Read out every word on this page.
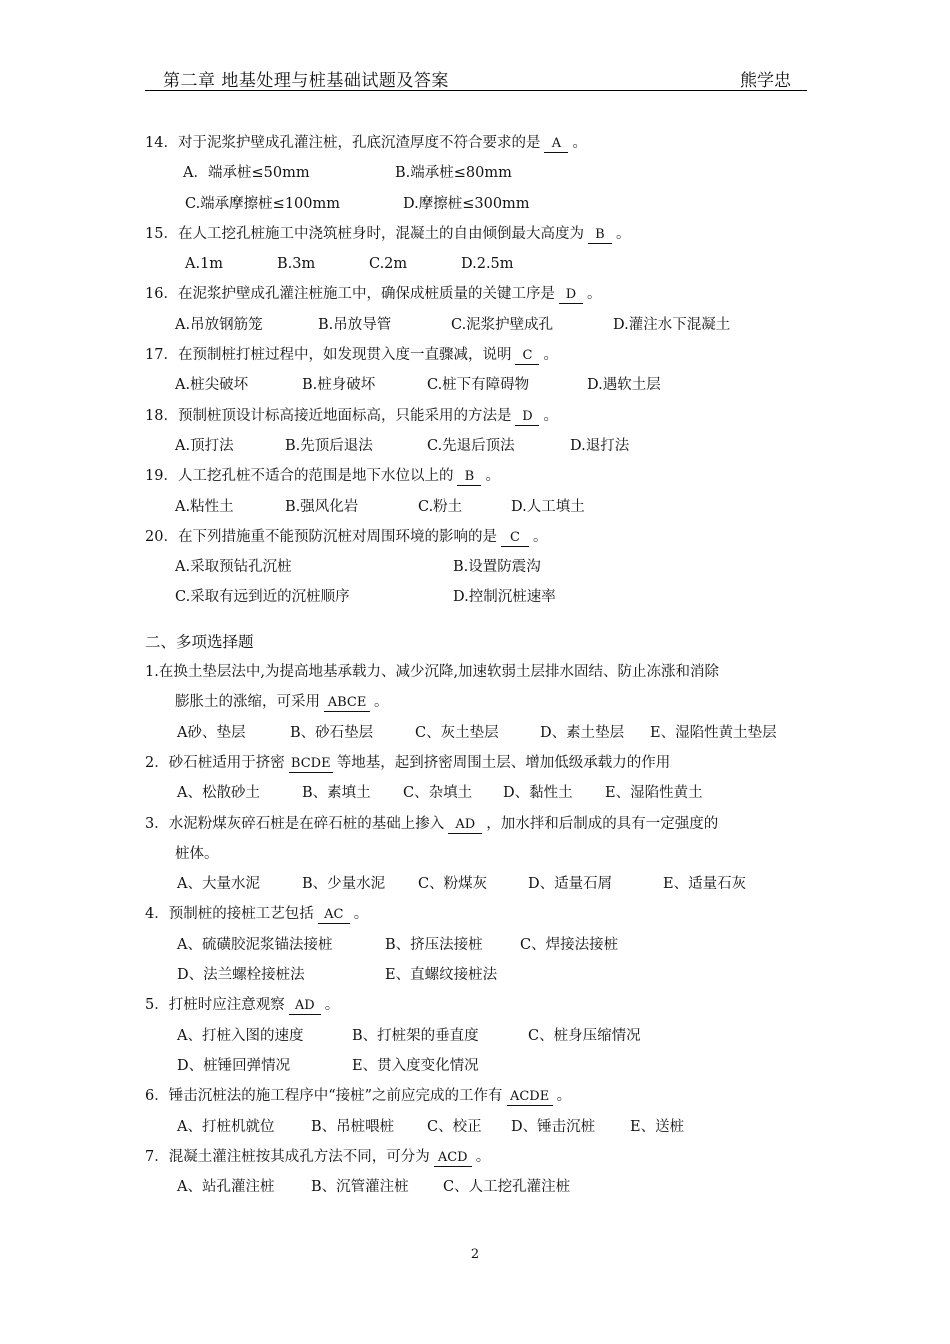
第二章 地基处理与桩基础试题及答案	熊学忠
14．对于泥浆护壁成孔灌注桩，孔底沉渣厚度不符合要求的是 A 。
A．端承桩≤50mm	B.端承桩≤80mm
C.端承摩擦桩≤100mm	D.摩擦桩≤300mm
15．在人工挖孔桩施工中浇筑桩身时，混凝土的自由倾倒最大高度为 B 。
A.1m	B.3m	C.2m	D.2.5m
16．在泥浆护壁成孔灌注桩施工中，确保成桩质量的关键工序是 D 。
A.吊放钢筋笼	B.吊放导管	C.泥浆护壁成孔	D.灌注水下混凝土
17．在预制桩打桩过程中，如发现贯入度一直骤减，说明 C 。
A.桩尖破坏	B.桩身破坏	C.桩下有障碍物	D.遇软土层
18．预制桩顶设计标高接近地面标高，只能采用的方法是 D 。
A.顶打法	B.先顶后退法	C.先退后顶法	D.退打法
19．人工挖孔桩不适合的范围是地下水位以上的 B 。
A.粘性土	B.强风化岩	C.粉土	D.人工填土
20．在下列措施重不能预防沉桩对周围环境的影响的是 C 。
A.采取预钻孔沉桩	B.设置防震沟
C.采取有远到近的沉桩顺序	D.控制沉桩速率
二、多项选择题
1.在换土垫层法中,为提高地基承载力、减少沉降,加速软弱土层排水固结、防止冻涨和消除
膨胀土的涨缩，可采用 ABCE 。
A砂、垫层	B、砂石垫层	C、灰土垫层	D、素土垫层 E、湿陷性黄土垫层
2．砂石桩适用于挤密 BCDE 等地基，起到挤密周围土层、增加低级承载力的作用
A、松散砂土	B、素填土 C、杂填土 D、黏性土 E、湿陷性黄土
3．水泥粉煤灰碎石桩是在碎石桩的基础上掺入 AD ，加水拌和后制成的具有一定强度的
桩体。
A、大量水泥	B、少量水泥 C、粉煤灰	D、适量石屑	E、适量石灰
4．预制桩的接桩工艺包括 AC 。
A、硫磺胶泥浆锚法接桩	B、挤压法接桩	C、焊接法接桩
D、法兰螺栓接桩法	E、直螺纹接桩法
5．打桩时应注意观察 AD 。
A、打桩入图的速度	B、打桩架的垂直度	C、桩身压缩情况
D、桩锤回弹情况	E、贯入度变化情况
6．锤击沉桩法的施工程序中“接桩”之前应完成的工作有 ACDE 。
A、打桩机就位	B、吊桩喂桩 C、校正 D、锤击沉桩 E、送桩
7．混凝土灌注桩按其成孔方法不同，可分为 ACD 。
A、站孔灌注桩	B、沉管灌注桩 C、人工挖孔灌注桩
2
